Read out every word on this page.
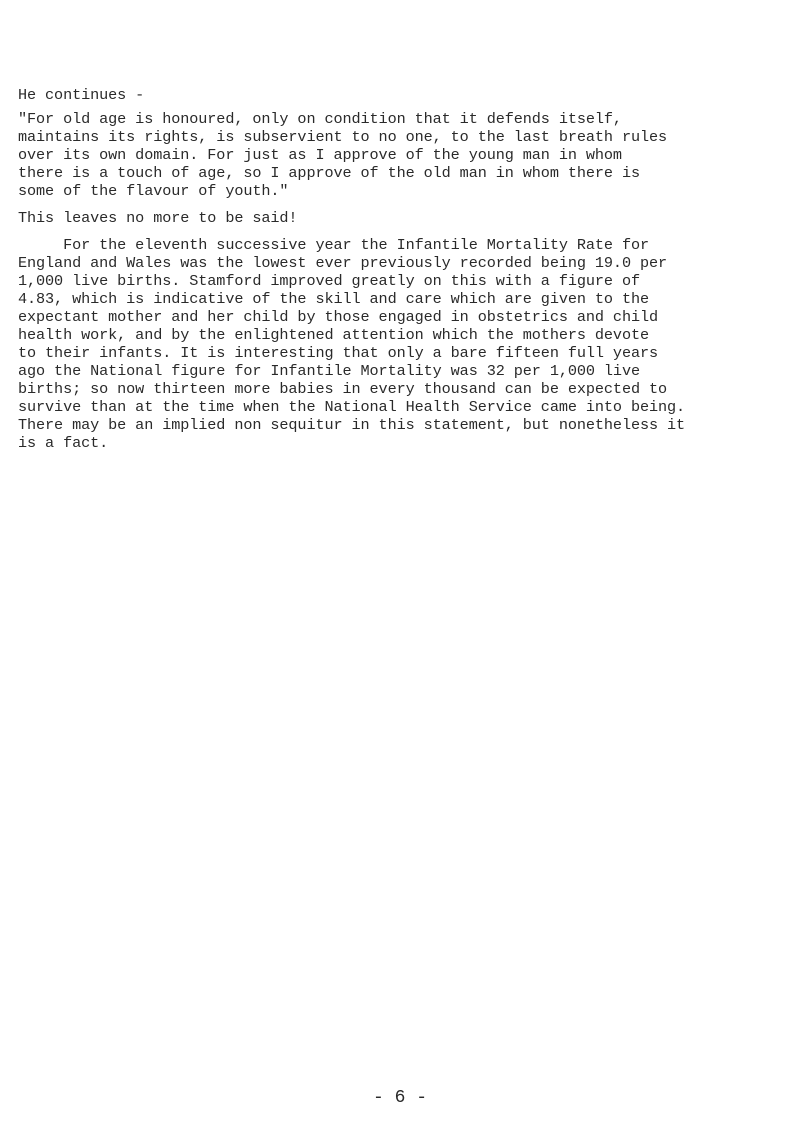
He continues -
"For old age is honoured, only on condition that it defends itself,
maintains its rights, is subservient to no one, to the last breath rules
over its own domain. For just as I approve of the young man in whom
there is a touch of age, so I approve of the old man in whom there is
some of the flavour of youth."
This leaves no more to be said!
For the eleventh successive year the Infantile Mortality Rate for
England and Wales was the lowest ever previously recorded being 19.0 per
1,000 live births. Stamford improved greatly on this with a figure of
4.83, which is indicative of the skill and care which are given to the
expectant mother and her child by those engaged in obstetrics and child
health work, and by the enlightened attention which the mothers devote
to their infants. It is interesting that only a bare fifteen full years
ago the National figure for Infantile Mortality was 32 per 1,000 live
births; so now thirteen more babies in every thousand can be expected to
survive than at the time when the National Health Service came into being.
There may be an implied non sequitur in this statement, but nonetheless it
is a fact.
- 6 -
